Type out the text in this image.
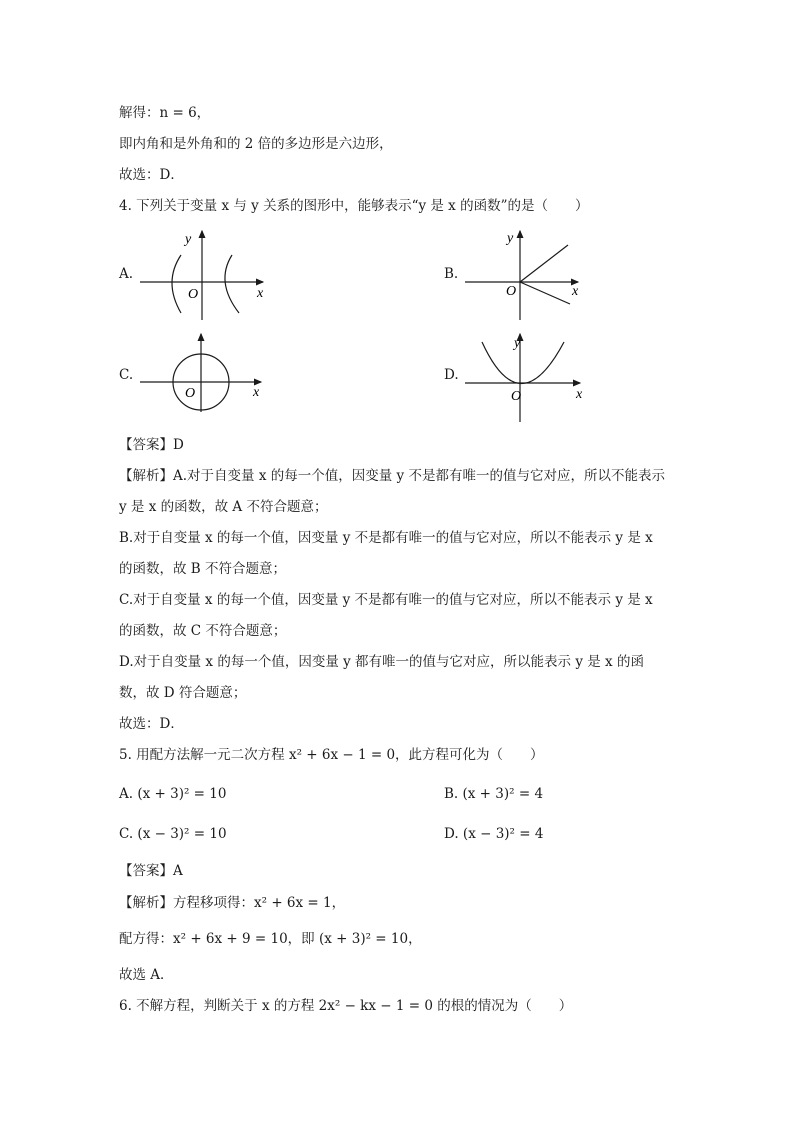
解得：n = 6，
即内角和是外角和的 2 倍的多边形是六边形，
故选：D．
4. 下列关于变量 x 与 y 关系的图形中，能够表示“y 是 x 的函数”的是（　　）
A.
y
O	x
B.
y
O	x
C.
O	x
D.
y
O	x
【答案】D
【解析】A.对于自变量 x 的每一个值，因变量 y 不是都有唯一的值与它对应，所以不能表示
y 是 x 的函数，故 A 不符合题意；
B.对于自变量 x 的每一个值，因变量 y 不是都有唯一的值与它对应，所以不能表示 y 是 x
的函数，故 B 不符合题意；
C.对于自变量 x 的每一个值，因变量 y 不是都有唯一的值与它对应，所以不能表示 y 是 x
的函数，故 C 不符合题意；
D.对于自变量 x 的每一个值，因变量 y 都有唯一的值与它对应，所以能表示 y 是 x 的函
数，故 D 符合题意；
故选：D．
5. 用配方法解一元二次方程 x² + 6x − 1 = 0，此方程可化为（　　）
A. (x + 3)² = 10	B. (x + 3)² = 4
C. (x − 3)² = 10	D. (x − 3)² = 4
【答案】A
【解析】方程移项得：x² + 6x = 1，
配方得：x² + 6x + 9 = 10，即 (x + 3)² = 10，
故选 A．
6. 不解方程，判断关于 x 的方程 2x² − kx − 1 = 0 的根的情况为（　　）
